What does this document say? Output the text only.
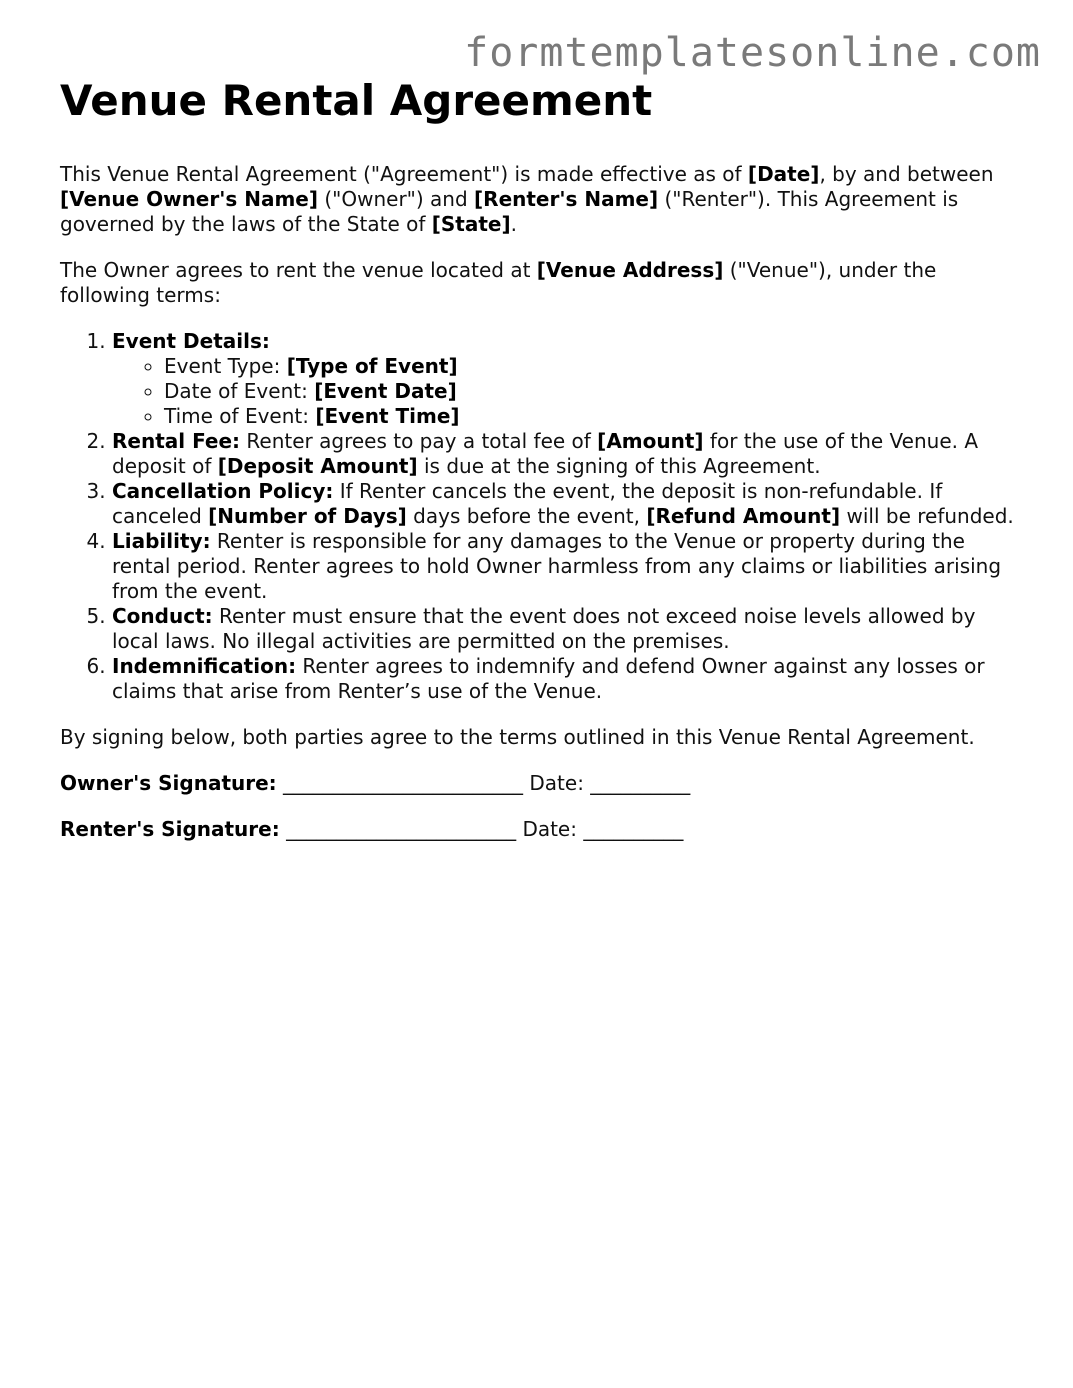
formtemplatesonline.com
Venue Rental Agreement

This Venue Rental Agreement ("Agreement") is made effective as of [Date], by and between [Venue Owner's Name] ("Owner") and [Renter's Name] ("Renter"). This Agreement is governed by the laws of the State of [State].

The Owner agrees to rent the venue located at [Venue Address] ("Venue"), under the following terms:

1. Event Details:
◦ Event Type: [Type of Event]
◦ Date of Event: [Event Date]
◦ Time of Event: [Event Time]
2. Rental Fee: Renter agrees to pay a total fee of [Amount] for the use of the Venue. A deposit of [Deposit Amount] is due at the signing of this Agreement.
3. Cancellation Policy: If Renter cancels the event, the deposit is non-refundable. If canceled [Number of Days] days before the event, [Refund Amount] will be refunded.
4. Liability: Renter is responsible for any damages to the Venue or property during the rental period. Renter agrees to hold Owner harmless from any claims or liabilities arising from the event.
5. Conduct: Renter must ensure that the event does not exceed noise levels allowed by local laws. No illegal activities are permitted on the premises.
6. Indemnification: Renter agrees to indemnify and defend Owner against any losses or claims that arise from Renter’s use of the Venue.

By signing below, both parties agree to the terms outlined in this Venue Rental Agreement.

Owner's Signature: ________________________ Date: __________
Renter's Signature: _______________________ Date: __________
